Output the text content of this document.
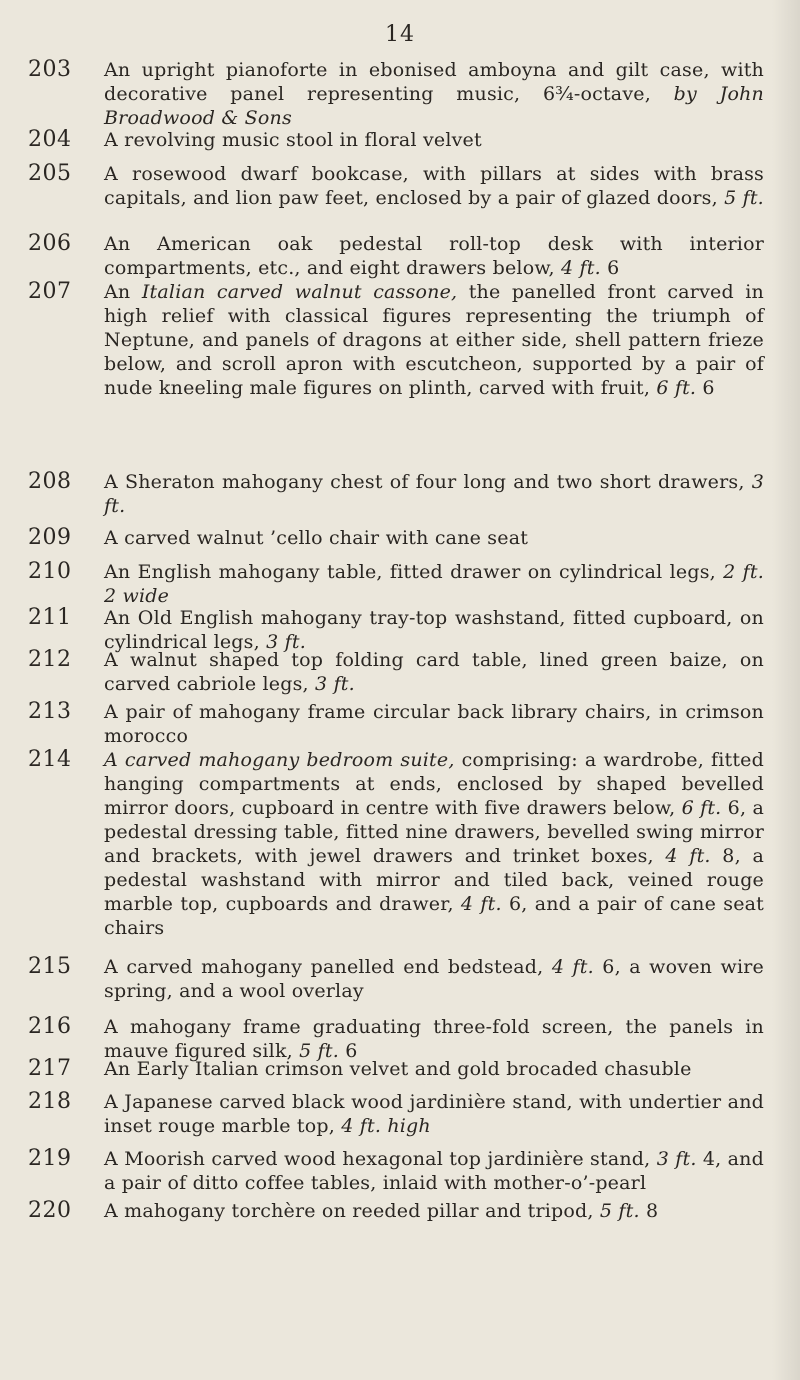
14
203 An upright pianoforte in ebonised amboyna and gilt case, with decorative panel representing music, 6¾-octave, by John Broadwood & Sons
204 A revolving music stool in floral velvet
205 A rosewood dwarf bookcase, with pillars at sides with brass capitals, and lion paw feet, enclosed by a pair of glazed doors, 5 ft.
206 An American oak pedestal roll-top desk with interior compartments, etc., and eight drawers below, 4 ft. 6
207 An Italian carved walnut cassone, the panelled front carved in high relief with classical figures representing the triumph of Neptune, and panels of dragons at either side, shell pattern frieze below, and scroll apron with escutcheon, supported by a pair of nude kneeling male figures on plinth, carved with fruit, 6 ft. 6
208 A Sheraton mahogany chest of four long and two short drawers, 3 ft.
209 A carved walnut ’cello chair with cane seat
210 An English mahogany table, fitted drawer on cylindrical legs, 2 ft. 2 wide
211 An Old English mahogany tray-top washstand, fitted cupboard, on cylindrical legs, 3 ft.
212 A walnut shaped top folding card table, lined green baize, on carved cabriole legs, 3 ft.
213 A pair of mahogany frame circular back library chairs, in crimson morocco
214 A carved mahogany bedroom suite, comprising: a wardrobe, fitted hanging compartments at ends, enclosed by shaped bevelled mirror doors, cupboard in centre with five drawers below, 6 ft. 6, a pedestal dressing table, fitted nine drawers, bevelled swing mirror and brackets, with jewel drawers and trinket boxes, 4 ft. 8, a pedestal washstand with mirror and tiled back, veined rouge marble top, cupboards and drawer, 4 ft. 6, and a pair of cane seat chairs
215 A carved mahogany panelled end bedstead, 4 ft. 6, a woven wire spring, and a wool overlay
216 A mahogany frame graduating three-fold screen, the panels in mauve figured silk, 5 ft. 6
217 An Early Italian crimson velvet and gold brocaded chasuble
218 A Japanese carved black wood jardinière stand, with undertier and inset rouge marble top, 4 ft. high
219 A Moorish carved wood hexagonal top jardinière stand, 3 ft. 4, and a pair of ditto coffee tables, inlaid with mother-o’-pearl
220 A mahogany torchère on reeded pillar and tripod, 5 ft. 8
